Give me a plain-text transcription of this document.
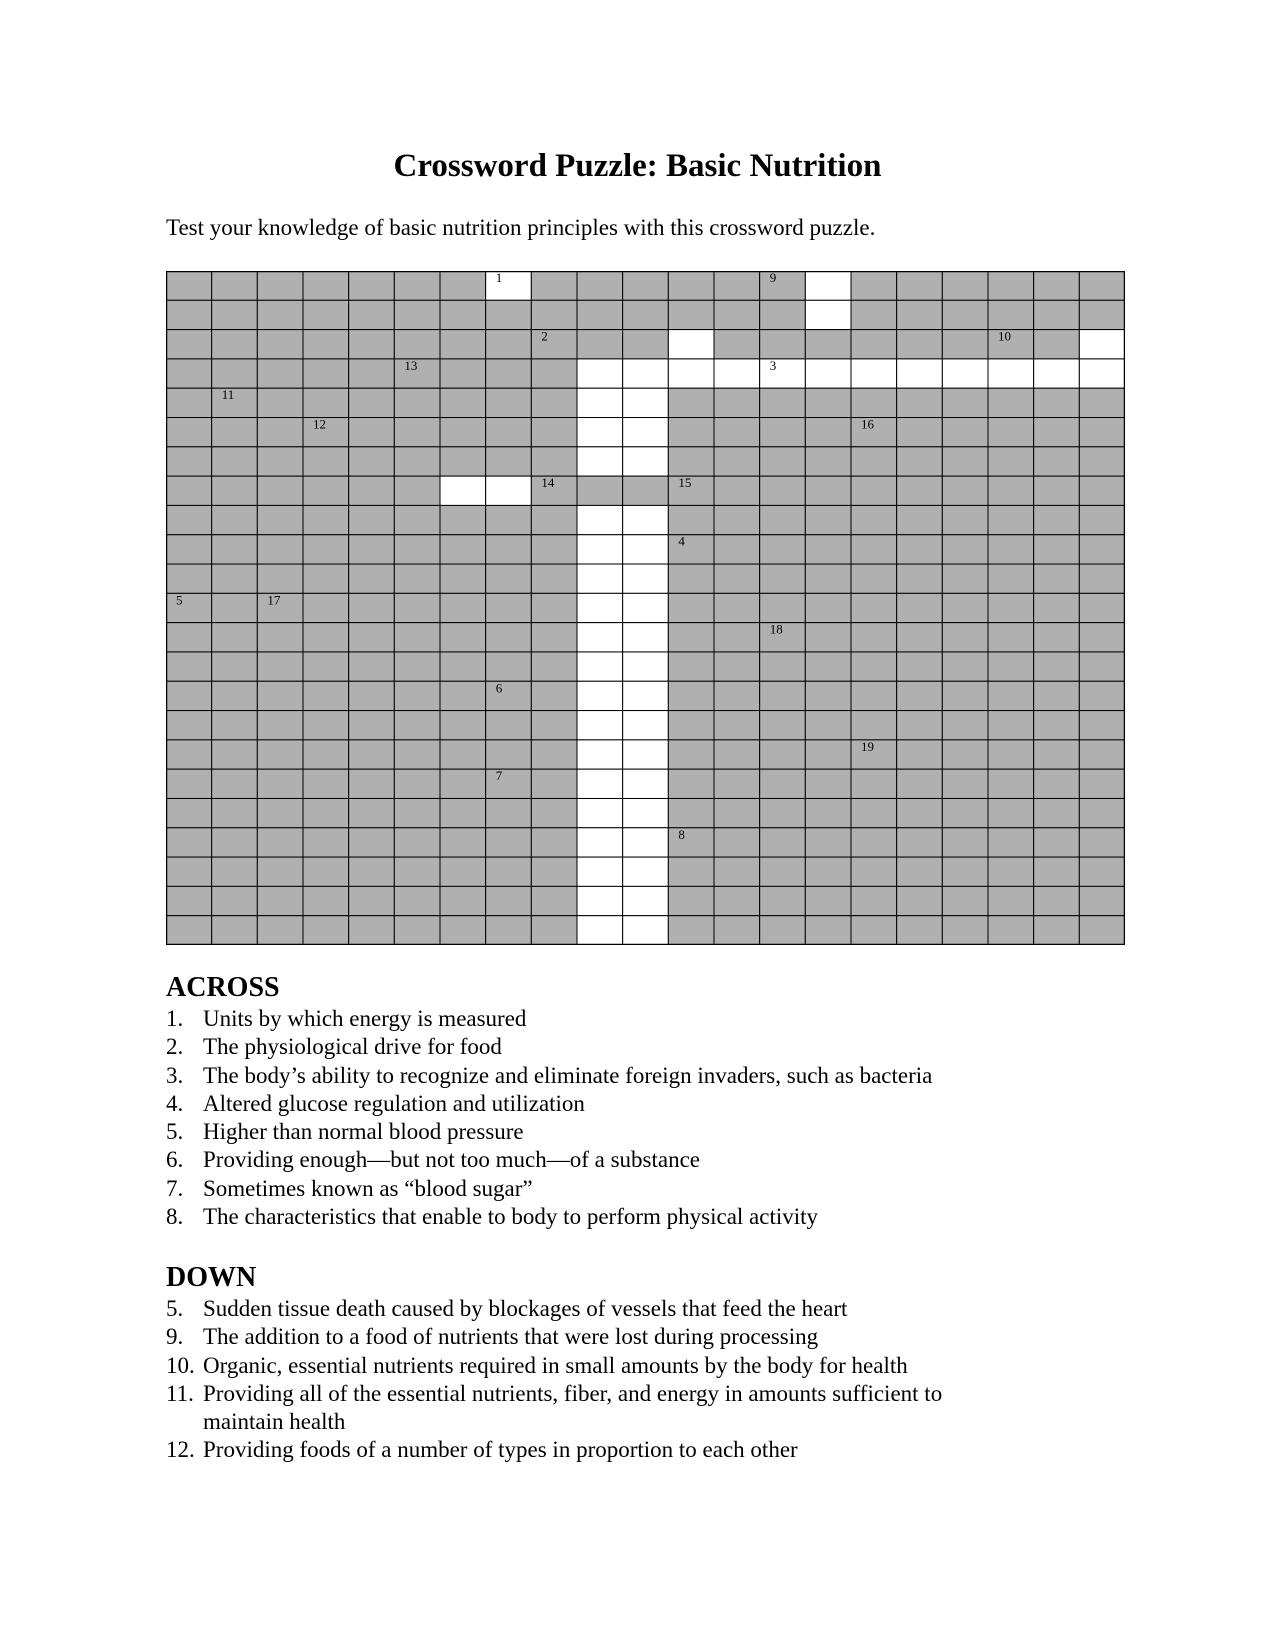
Crossword Puzzle: Basic Nutrition

Test your knowledge of basic nutrition principles with this crossword puzzle.

1	9
2	10
13	3
11
12	16
14	15
4
5	17
18
6
19
7
8
ACROSS
1. Units by which energy is measured
2. The physiological drive for food
3. The body’s ability to recognize and eliminate foreign invaders, such as bacteria
4. Altered glucose regulation and utilization
5. Higher than normal blood pressure
6. Providing enough—but not too much—of a substance
7. Sometimes known as “blood sugar”
8. The characteristics that enable to body to perform physical activity
DOWN
5. Sudden tissue death caused by blockages of vessels that feed the heart
9. The addition to a food of nutrients that were lost during processing
10. Organic, essential nutrients required in small amounts by the body for health
11. Providing all of the essential nutrients, fiber, and energy in amounts sufficient to maintain health
12. Providing foods of a number of types in proportion to each other
